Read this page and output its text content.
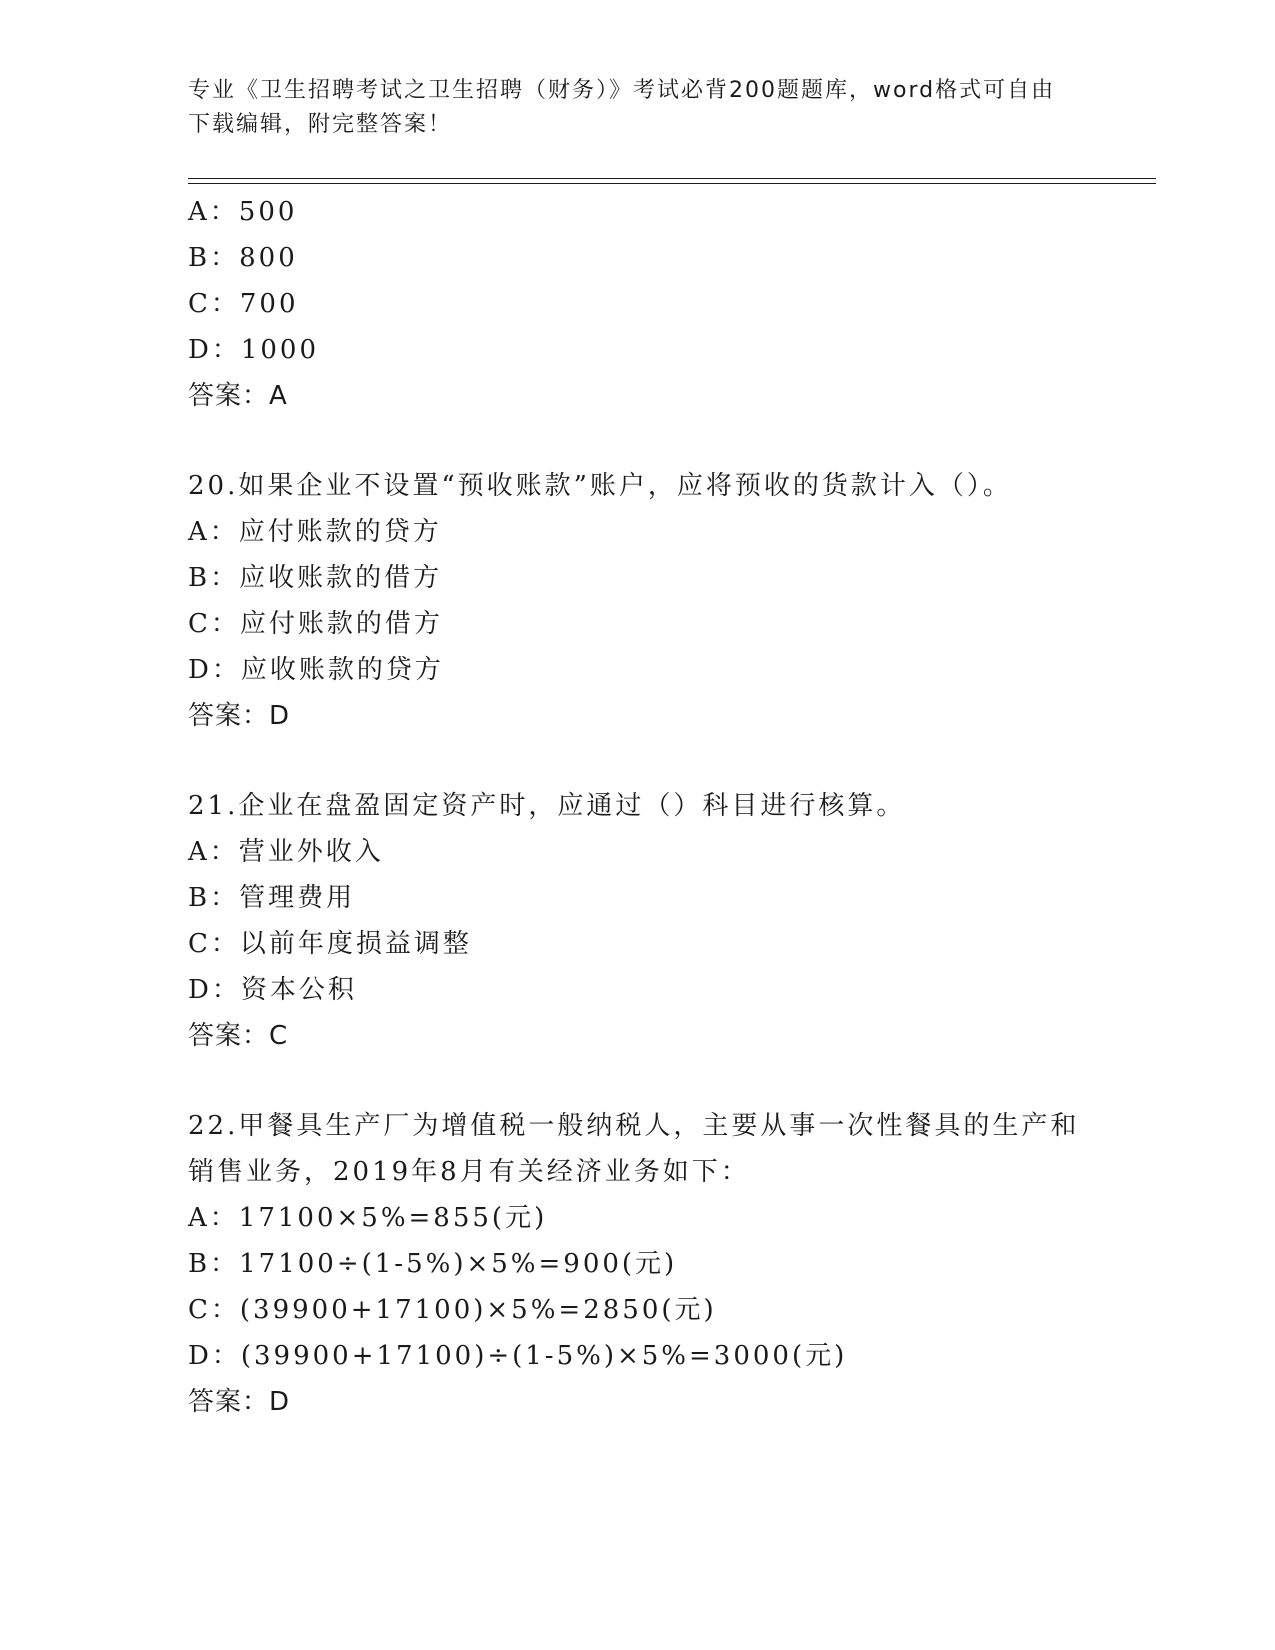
专业《卫生招聘考试之卫生招聘（财务）》考试必背200题题库，word格式可自由下载编辑，附完整答案！
A：500
B：800
C：700
D：1000
答案：A
20.如果企业不设置“预收账款”账户，应将预收的货款计入（）。
A：应付账款的贷方
B：应收账款的借方
C：应付账款的借方
D：应收账款的贷方
答案：D
21.企业在盘盈固定资产时，应通过（）科目进行核算。
A：营业外收入
B：管理费用
C：以前年度损益调整
D：资本公积
答案：C
22.甲餐具生产厂为增值税一般纳税人，主要从事一次性餐具的生产和销售业务，2019年8月有关经济业务如下：
A：17100×5%=855(元)
B：17100÷(1-5%)×5%=900(元)
C：(39900+17100)×5%=2850(元)
D：(39900+17100)÷(1-5%)×5%=3000(元)
答案：D
